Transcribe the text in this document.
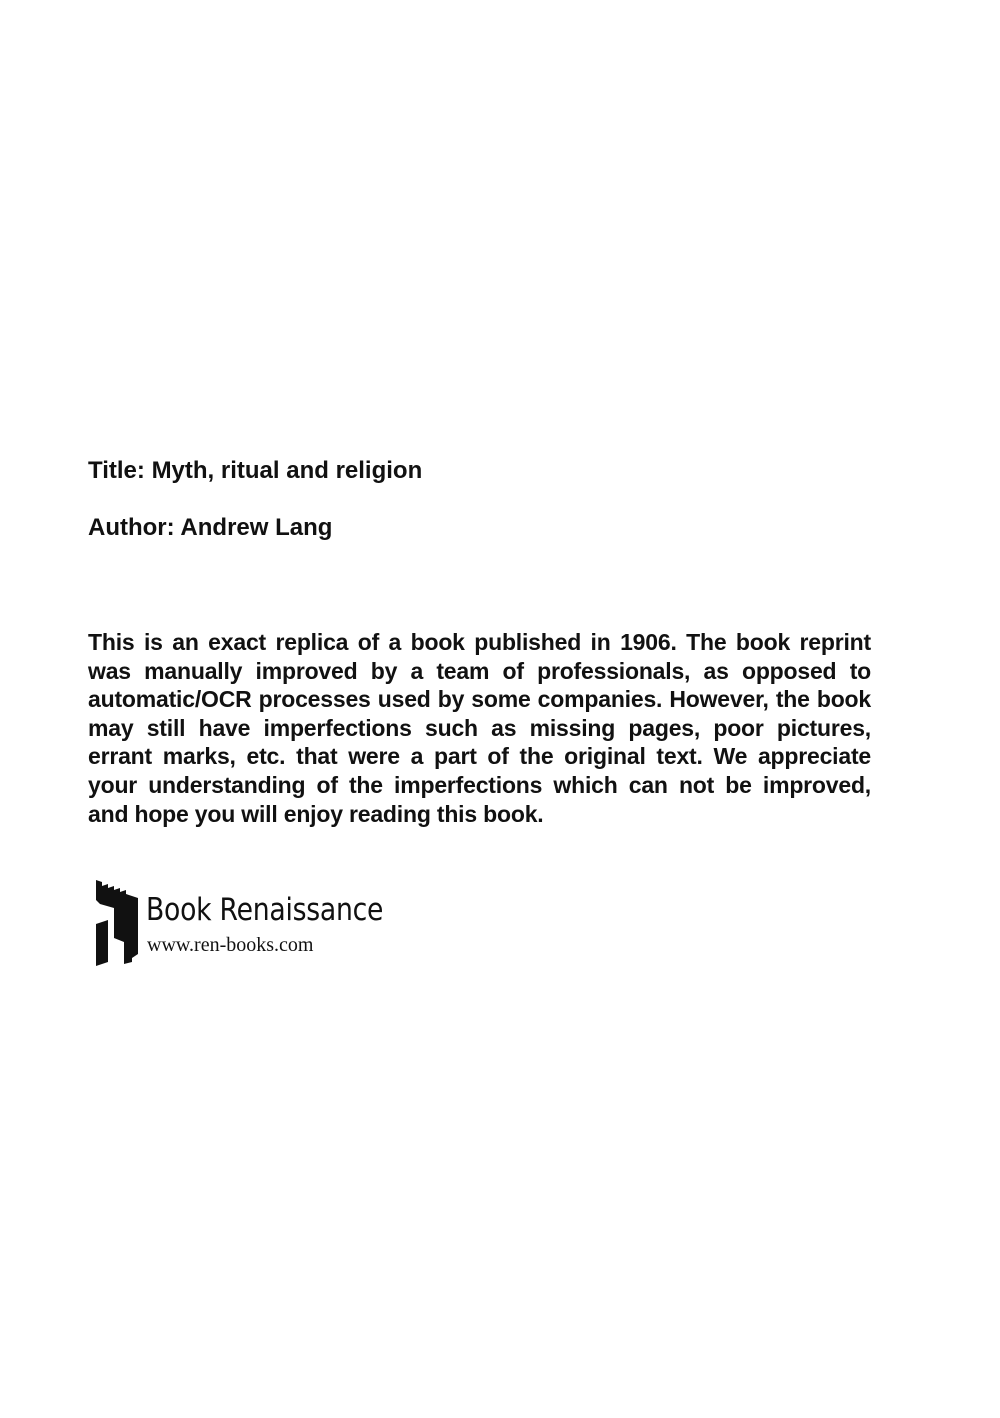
Title: Myth, ritual and religion
Author: Andrew Lang
This is an exact replica of a book published in 1906. The book reprint was manually improved by a team of professionals, as opposed to automatic/OCR processes used by some companies. However, the book may still have imperfections such as missing pages, poor pictures, errant marks, etc. that were a part of the original text. We appreciate your understanding of the imperfections which can not be improved, and hope you will enjoy reading this book.
Book Renaissance
www.ren-books.com
